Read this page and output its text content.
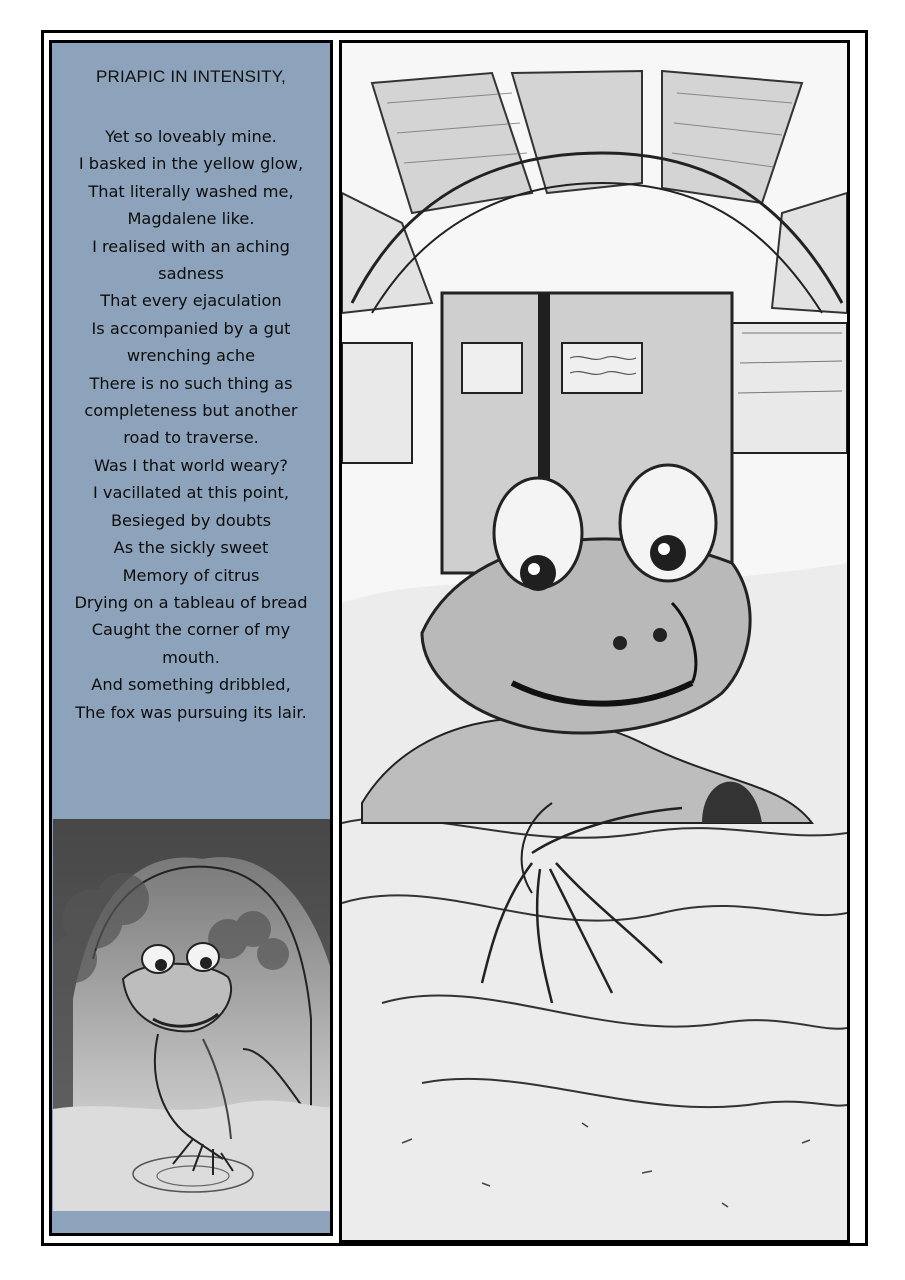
PRIAPIC IN INTENSITY,
Yet so loveably mine.
I basked in the yellow glow,
That literally washed me,
Magdalene like.
I realised with an aching
sadness
That every ejaculation
Is accompanied by a gut
wrenching ache
There is no such thing as
completeness but another
road to traverse.
Was I that world weary?
I vacillated at this point,
Besieged by doubts
As the sickly sweet
Memory of citrus
Drying on a tableau of bread
Caught the corner of my
mouth.
And something dribbled,
The fox was pursuing its lair.
